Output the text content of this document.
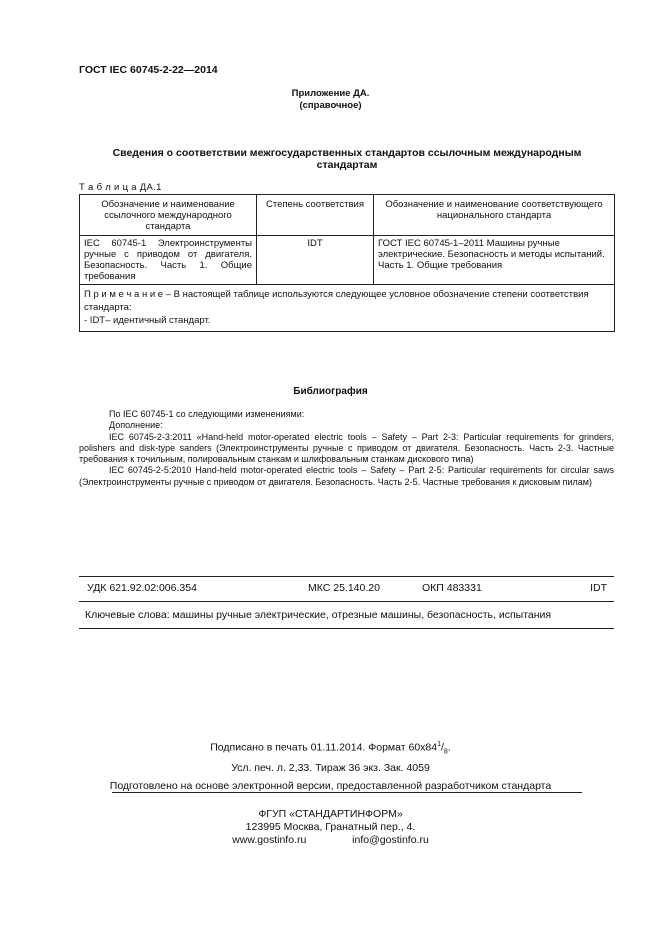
ГОСТ IEC 60745-2-22—2014
Приложение ДА.
(справочное)
Сведения о соответствии межгосударственных стандартов ссылочным международным стандартам
Т а б л и ц а ДА.1
Обозначение и наименование ссылочного международного стандарта	Степень соответствия	Обозначение и наименование соответствующего национального стандарта
IEC 60745-1 Электроинструменты ручные с приводом от двигателя. Безопасность. Часть 1. Общие требования	IDT	ГОСТ IEC 60745-1–2011 Машины ручные электрические. Безопасность и методы испытаний. Часть 1. Общие требования
П р и м е ч а н и е – В настоящей таблице используются следующее условное обозначение степени соответствия стандарта:
- IDT– идентичный стандарт.		
Библиография

По IEC 60745-1 со следующими изменениями:

Дополнение:

IEC 60745-2-3:2011 «Hand-held motor-operated electric tools – Safety – Part 2-3: Particular requirements for grinders, polishers and disk-type sanders (Электроинструменты ручные с приводом от двигателя. Безопасность. Часть 2-3. Частные требования к точильным, полировальным станкам и шлифовальным станкам дискового типа)

IEC 60745-2-5:2010 Hand-held motor-operated electric tools – Safety – Part 2-5: Particular requirements for circular saws (Электроинструменты ручные с приводом от двигателя. Безопасность. Часть 2-5. Частные требования к дисковым пилам)

УДК 621.92.02:006.354	МКС 25.140.20	ОКП 483331	IDT
Ключевые слова: машины ручные электрические, отрезные машины, безопасность, испытания
Подписано в печать 01.11.2014. Формат $60х84^1/_8$.
Усл. печ. л. 2,33. Тираж 36 экз. Зак. 4059
Подготовлено на основе электронной версии, предоставленной разработчиком стандарта
ФГУП «СТАНДАРТИНФОРМ»
123995 Москва, Гранатный пер., 4.
www.gostinfo.ru	info@gostinfo.ru
